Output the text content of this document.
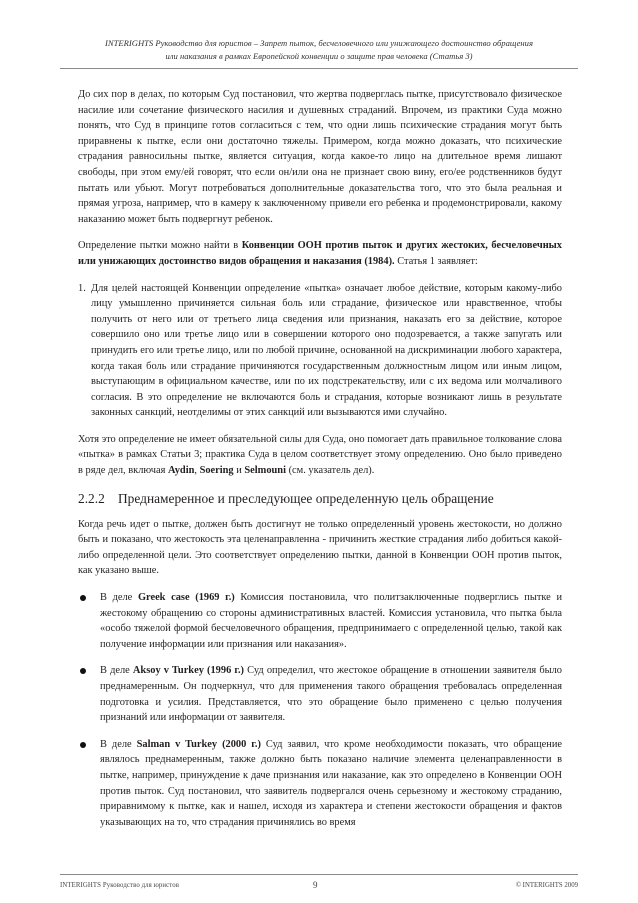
INTERIGHTS Руководство для юристов – Запрет пыток, бесчеловечного или унижающего достоинство обращения
или наказания в рамках Европейской конвенции о защите прав человека (Статья 3)

До сих пор в делах, по которым Суд постановил, что жертва подверглась пытке, присутствовало физическое насилие или сочетание физического насилия и душевных страданий. Впрочем, из практики Суда можно понять, что Суд в принципе готов согласиться с тем, что одни лишь психические страдания могут быть приравнены к пытке, если они достаточно тяжелы. Примером, когда можно доказать, что психические страдания равносильны пытке, является ситуация, когда какое-то лицо на длительное время лишают свободы, при этом ему/ей говорят, что если он/или она не признает свою вину, его/ее родственников будут пытать или убьют. Могут потребоваться дополнительные доказательства того, что это была реальная и прямая угроза, например, что в камеру к заключенному привели его ребенка и продемонстрировали, какому наказанию может быть подвергнут ребенок.

Определение пытки можно найти в Конвенции ООН против пыток и других жестоких, бесчеловечных или унижающих достоинство видов обращения и наказания (1984). Статья 1 заявляет:

1. Для целей настоящей Конвенции определение «пытка» означает любое действие, которым какому-либо лицу умышленно причиняется сильная боль или страдание, физическое или нравственное, чтобы получить от него или от третьего лица сведения или признания, наказать его за действие, которое совершило оно или третье лицо или в совершении которого оно подозревается, а также запугать или принудить его или третье лицо, или по любой причине, основанной на дискриминации любого характера, когда такая боль или страдание причиняются государственным должностным лицом или иным лицом, выступающим в официальном качестве, или по их подстрекательству, или с их ведома или молчаливого согласия. В это определение не включаются боль и страдания, которые возникают лишь в результате законных санкций, неотделимы от этих санкций или вызываются ими случайно.

Хотя это определение не имеет обязательной силы для Суда, оно помогает дать правильное толкование слова «пытка» в рамках Статьи 3; практика Суда в целом соответствует этому определению. Оно было приведено в ряде дел, включая Aydin, Soering и Selmouni (см. указатель дел).

2.2.2 Преднамеренное и преследующее определенную цель обращение

Когда речь идет о пытке, должен быть достигнут не только определенный уровень жестокости, но должно быть и показано, что жестокость эта целенаправленна - причинить жесткие страдания либо добиться какой-либо определенной цели. Это соответствует определению пытки, данной в Конвенции ООН против пыток, как указано выше.

В деле Greek case (1969 г.) Комиссия постановила, что политзаключенные подверглись пытке и жестокому обращению со стороны административных властей. Комиссия установила, что пытка была «особо тяжелой формой бесчеловечного обращения, предпринимаего с определенной целью, такой как получение информации или признания или наказания».

В деле Aksoy v Turkey (1996 г.) Суд определил, что жестокое обращение в отношении заявителя было преднамеренным. Он подчеркнул, что для применения такого обращения требовалась определенная подготовка и усилия. Представляется, что это обращение было применено с целью получения признаний или информации от заявителя.

В деле Salman v Turkey (2000 г.) Суд заявил, что кроме необходимости показать, что обращение являлось преднамеренным, также должно быть показано наличие элемента целенаправленности в пытке, например, принуждение к даче признания или наказание, как это определено в Конвенции ООН против пыток. Суд постановил, что заявитель подвергался очень серьезному и жестокому страданию, приравнимому к пытке, как и нашел, исходя из характера и степени жестокости обращения и фактов указывающих на то, что страдания причинялись во время

INTERIGHTS Руководство для юристов	9	© INTERIGHTS 2009
